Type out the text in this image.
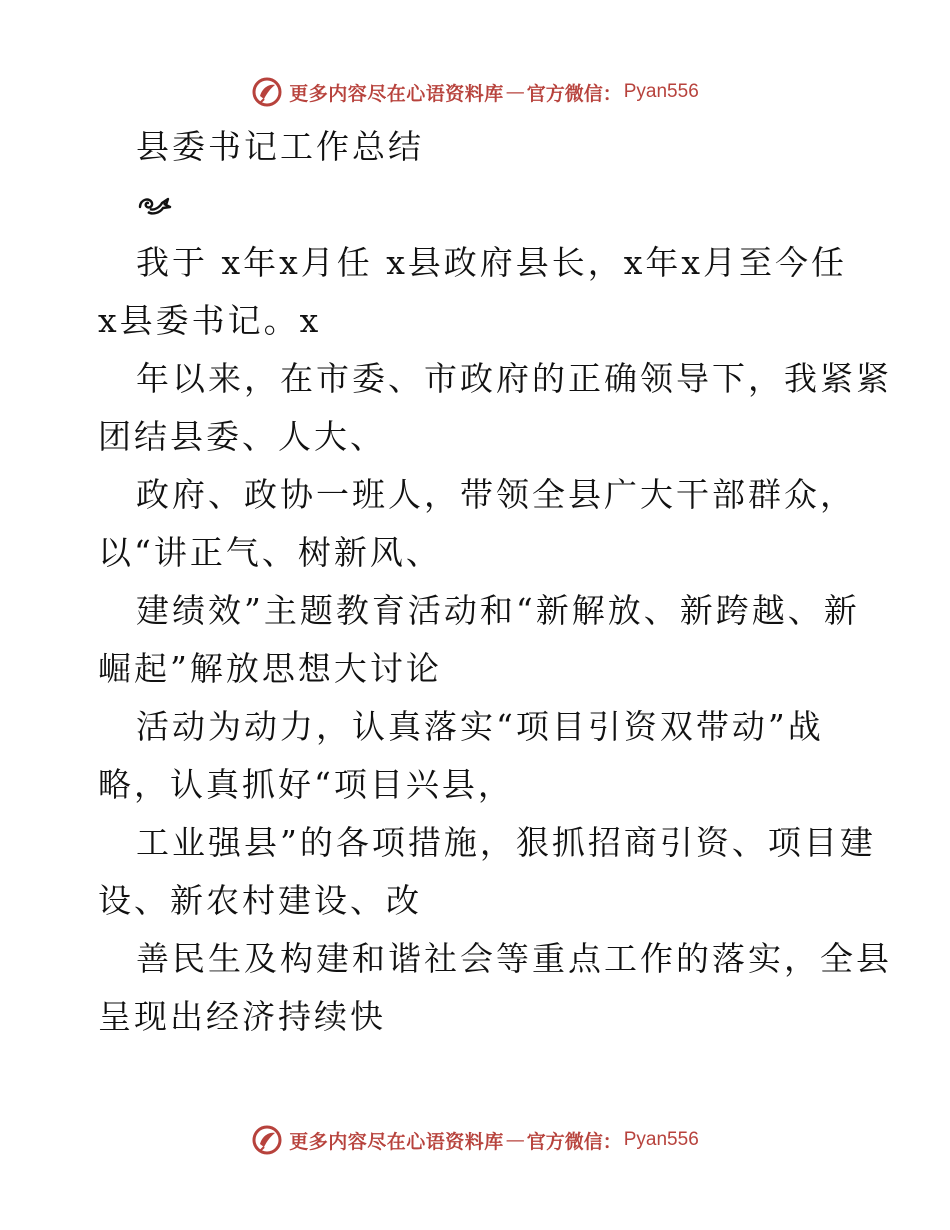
更多内容尽在心语资料库 — 官方微信： Pyan556
县委书记工作总结
我于 x年x月任 x县政府县长，x年x月至今任
x县委书记。x
年以来，在市委、市政府的正确领导下，我紧紧
团结县委、人大、
政府、政协一班人，带领全县广大干部群众，
以“讲正气、树新风、
建绩效”主题教育活动和“新解放、新跨越、新
崛起”解放思想大讨论
活动为动力，认真落实“项目引资双带动”战
略，认真抓好“项目兴县，
工业强县”的各项措施，狠抓招商引资、项目建
设、新农村建设、改
善民生及构建和谐社会等重点工作的落实，全县
呈现出经济持续快
更多内容尽在心语资料库 — 官方微信： Pyan556
